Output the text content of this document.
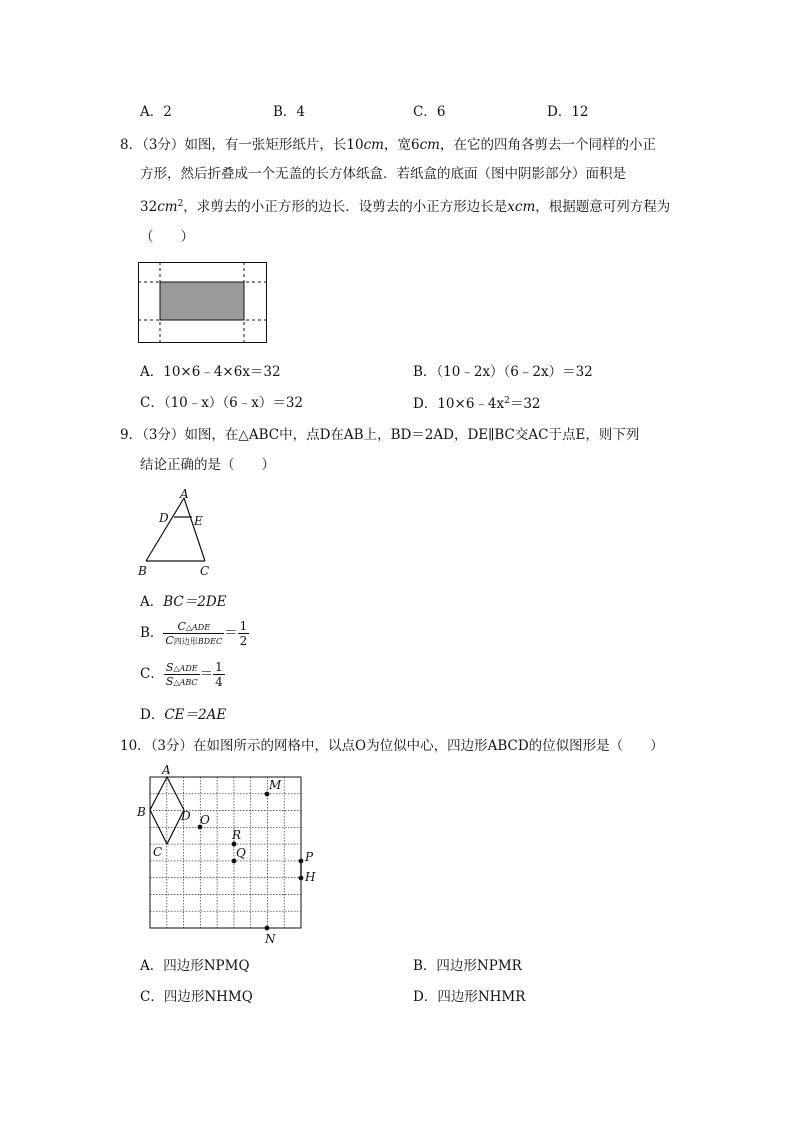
A．2	B．4	C．6	D．12
8．（3分）如图，有一张矩形纸片，长10cm，宽6cm，在它的四角各剪去一个同样的小正
方形，然后折叠成一个无盖的长方体纸盒．若纸盒的底面（图中阴影部分）面积是
$32cm^2$，求剪去的小正方形的边长．设剪去的小正方形边长是xcm，根据题意可列方程为
（　　）
A．10×6﹣4×6x＝32	B．（10﹣2x）（6﹣2x）＝32
C．（10﹣x）（6﹣x）＝32	D．$10\times 6﹣4x^2=32$
9．（3分）如图，在△ABC中，点D在AB上，BD＝2AD，DE∥BC交AC于点E，则下列
结论正确的是（　　）
A
D E
B	C
A．BC＝2DE
B． $\frac{\text{C△ADE}}{\text{C四边形BDEC}} = \frac{1}{2}$
C． $\frac{\text{S△ADE}}{\text{S△ABC}} = \frac{1}{4}$
D．CE＝2AE
10．（3分）在如图所示的网格中，以点O为位似中心，四边形ABCD的位似图形是（　　）
A
B
C
D O
M
R
Q	P
H
N
A．四边形NPMQ	B．四边形NPMR
C．四边形NHMQ	D．四边形NHMR
